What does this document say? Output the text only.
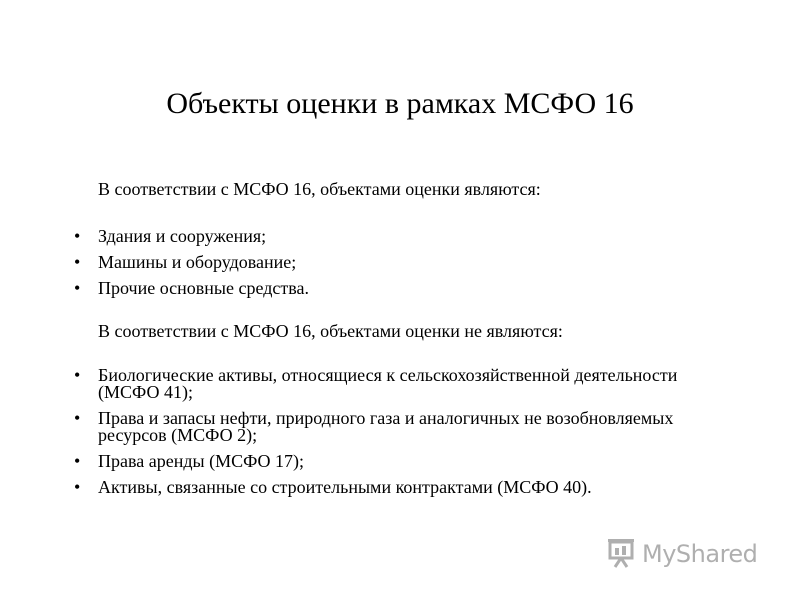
Объекты оценки в рамках МСФО 16

В соответствии с МСФО 16, объектами оценки являются:

• Здания и сооружения;
• Машины и оборудование;
• Прочие основные средства.

В соответствии с МСФО 16, объектами оценки не являются:

• Биологические активы, относящиеся к сельскохозяйственной деятельности (МСФО 41);
• Права и запасы нефти, природного газа и аналогичных не возобновляемых ресурсов (МСФО 2);
• Права аренды (МСФО 17);
• Активы, связанные со строительными контрактами (МСФО 40).
MyShared
